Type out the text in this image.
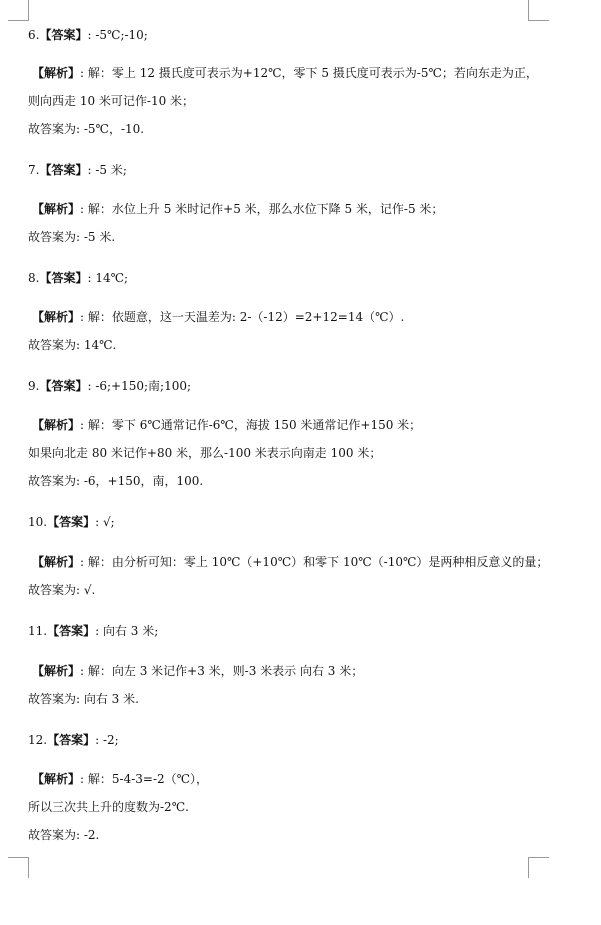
6.【答案】: -5℃;-10;
【解析】: 解：零上 12 摄氏度可表示为+12℃，零下 5 摄氏度可表示为-5℃；若向东走为正，
则向西走 10 米可记作-10 米；
故答案为: -5℃，-10.
7.【答案】: -5 米;
【解析】: 解：水位上升 5 米时记作+5 米，那么水位下降 5 米，记作-5 米；
故答案为: -5 米.
8.【答案】: 14℃;
【解析】: 解：依题意，这一天温差为: 2-（-12）=2+12=14（℃）.
故答案为: 14℃.
9.【答案】: -6;+150;南;100;
【解析】: 解：零下 6℃通常记作-6℃，海拔 150 米通常记作+150 米；
如果向北走 80 米记作+80 米，那么-100 米表示向南走 100 米；
故答案为: -6，+150，南，100.
10.【答案】: √;
【解析】: 解：由分析可知：零上 10℃（+10℃）和零下 10℃（-10℃）是两种相反意义的量；
故答案为: √.
11.【答案】: 向右 3 米;
【解析】: 解：向左 3 米记作+3 米，则-3 米表示 向右 3 米；
故答案为: 向右 3 米.
12.【答案】: -2;
【解析】: 解：5-4-3=-2（℃），
所以三次共上升的度数为-2℃.
故答案为: -2.
